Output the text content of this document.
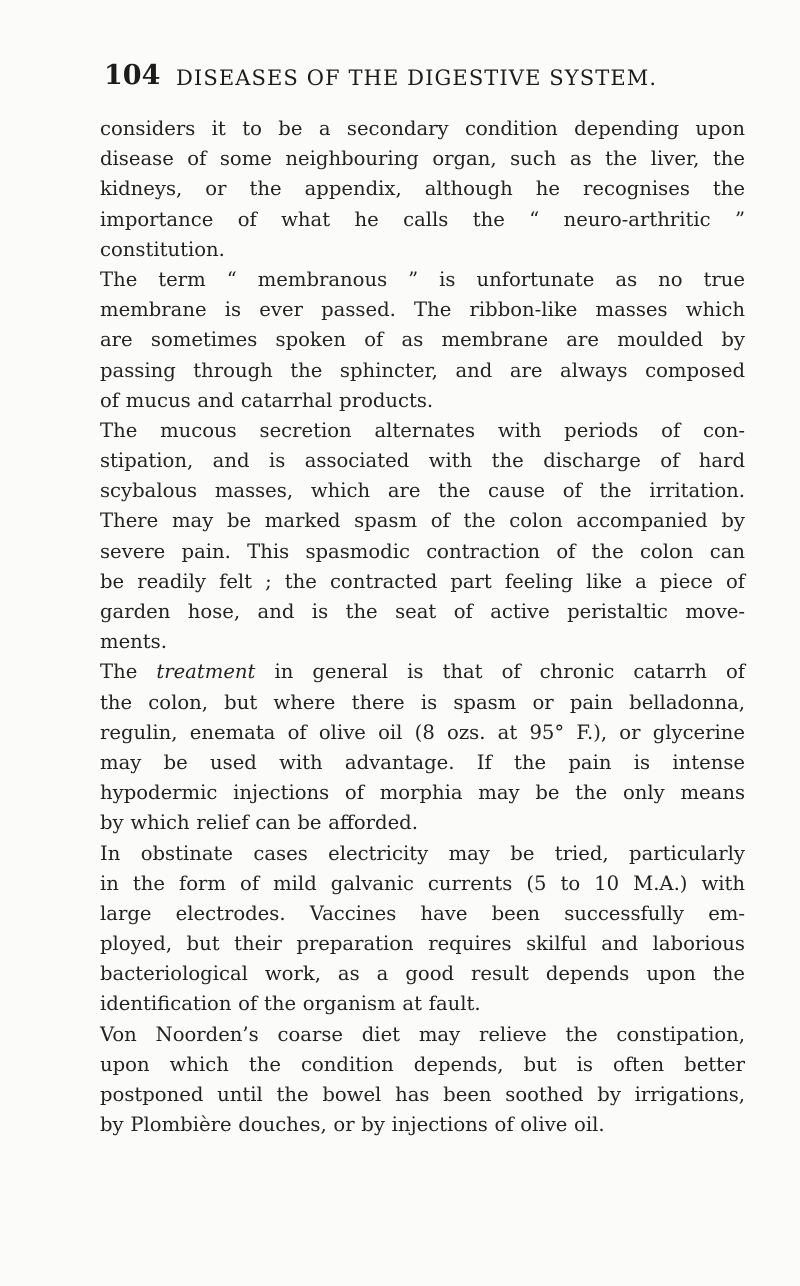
104 DISEASES OF THE DIGESTIVE SYSTEM.
considers it to be a secondary condition depending upon
disease of some neighbouring organ, such as the liver, the
kidneys, or the appendix, although he recognises the
importance of what he calls the “ neuro-arthritic ”
constitution.
The term “ membranous ” is unfortunate as no true
membrane is ever passed. The ribbon-like masses which
are sometimes spoken of as membrane are moulded by
passing through the sphincter, and are always composed
of mucus and catarrhal products.
The mucous secretion alternates with periods of con-
stipation, and is associated with the discharge of hard
scybalous masses, which are the cause of the irritation.
There may be marked spasm of the colon accompanied by
severe pain. This spasmodic contraction of the colon can
be readily felt ; the contracted part feeling like a piece of
garden hose, and is the seat of active peristaltic move-
ments.
The treatment in general is that of chronic catarrh of
the colon, but where there is spasm or pain belladonna,
regulin, enemata of olive oil (8 ozs. at 95° F.), or glycerine
may be used with advantage. If the pain is intense
hypodermic injections of morphia may be the only means
by which relief can be afforded.
In obstinate cases electricity may be tried, particularly
in the form of mild galvanic currents (5 to 10 M.A.) with
large electrodes. Vaccines have been successfully em-
ployed, but their preparation requires skilful and laborious
bacteriological work, as a good result depends upon the
identification of the organism at fault.
Von Noorden’s coarse diet may relieve the constipation,
upon which the condition depends, but is often better
postponed until the bowel has been soothed by irrigations,
by Plombière douches, or by injections of olive oil.
